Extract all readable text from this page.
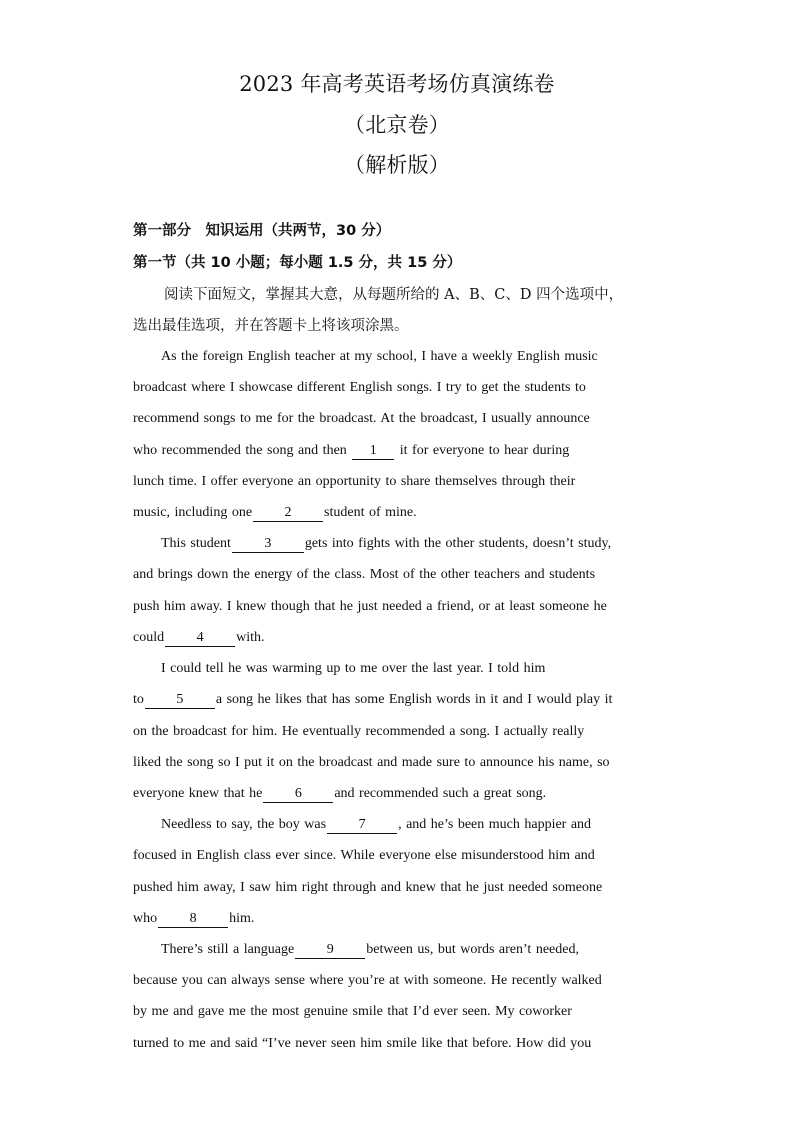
2023 年高考英语考场仿真演练卷
（北京卷）
（解析版）
第一部分　知识运用（共两节，30 分）
第一节（共 10 小题；每小题 1.5 分，共 15 分）
阅读下面短文，掌握其大意，从每题所给的 A、B、C、D 四个选项中，
选出最佳选项，并在答题卡上将该项涂黑。
As the foreign English teacher at my school, I have a weekly English music
broadcast where I showcase different English songs. I try to get the students to
recommend songs to me for the broadcast. At the broadcast, I usually announce
who recommended the song and then 1 it for everyone to hear during
lunch time. I offer everyone an opportunity to share themselves through their
music, including one 2 student of mine.
This student 3 gets into fights with the other students, doesn’t study,
and brings down the energy of the class. Most of the other teachers and students
push him away. I knew though that he just needed a friend, or at least someone he
could 4 with.
I could tell he was warming up to me over the last year. I told him
to 5 a song he likes that has some English words in it and I would play it
on the broadcast for him. He eventually recommended a song. I actually really
liked the song so I put it on the broadcast and made sure to announce his name, so
everyone knew that he 6 and recommended such a great song.
Needless to say, the boy was 7 , and he’s been much happier and
focused in English class ever since. While everyone else misunderstood him and
pushed him away, I saw him right through and knew that he just needed someone
who 8 him.
There’s still a language 9 between us, but words aren’t needed,
because you can always sense where you’re at with someone. He recently walked
by me and gave me the most genuine smile that I’d ever seen. My coworker
turned to me and said “I’ve never seen him smile like that before. How did you
